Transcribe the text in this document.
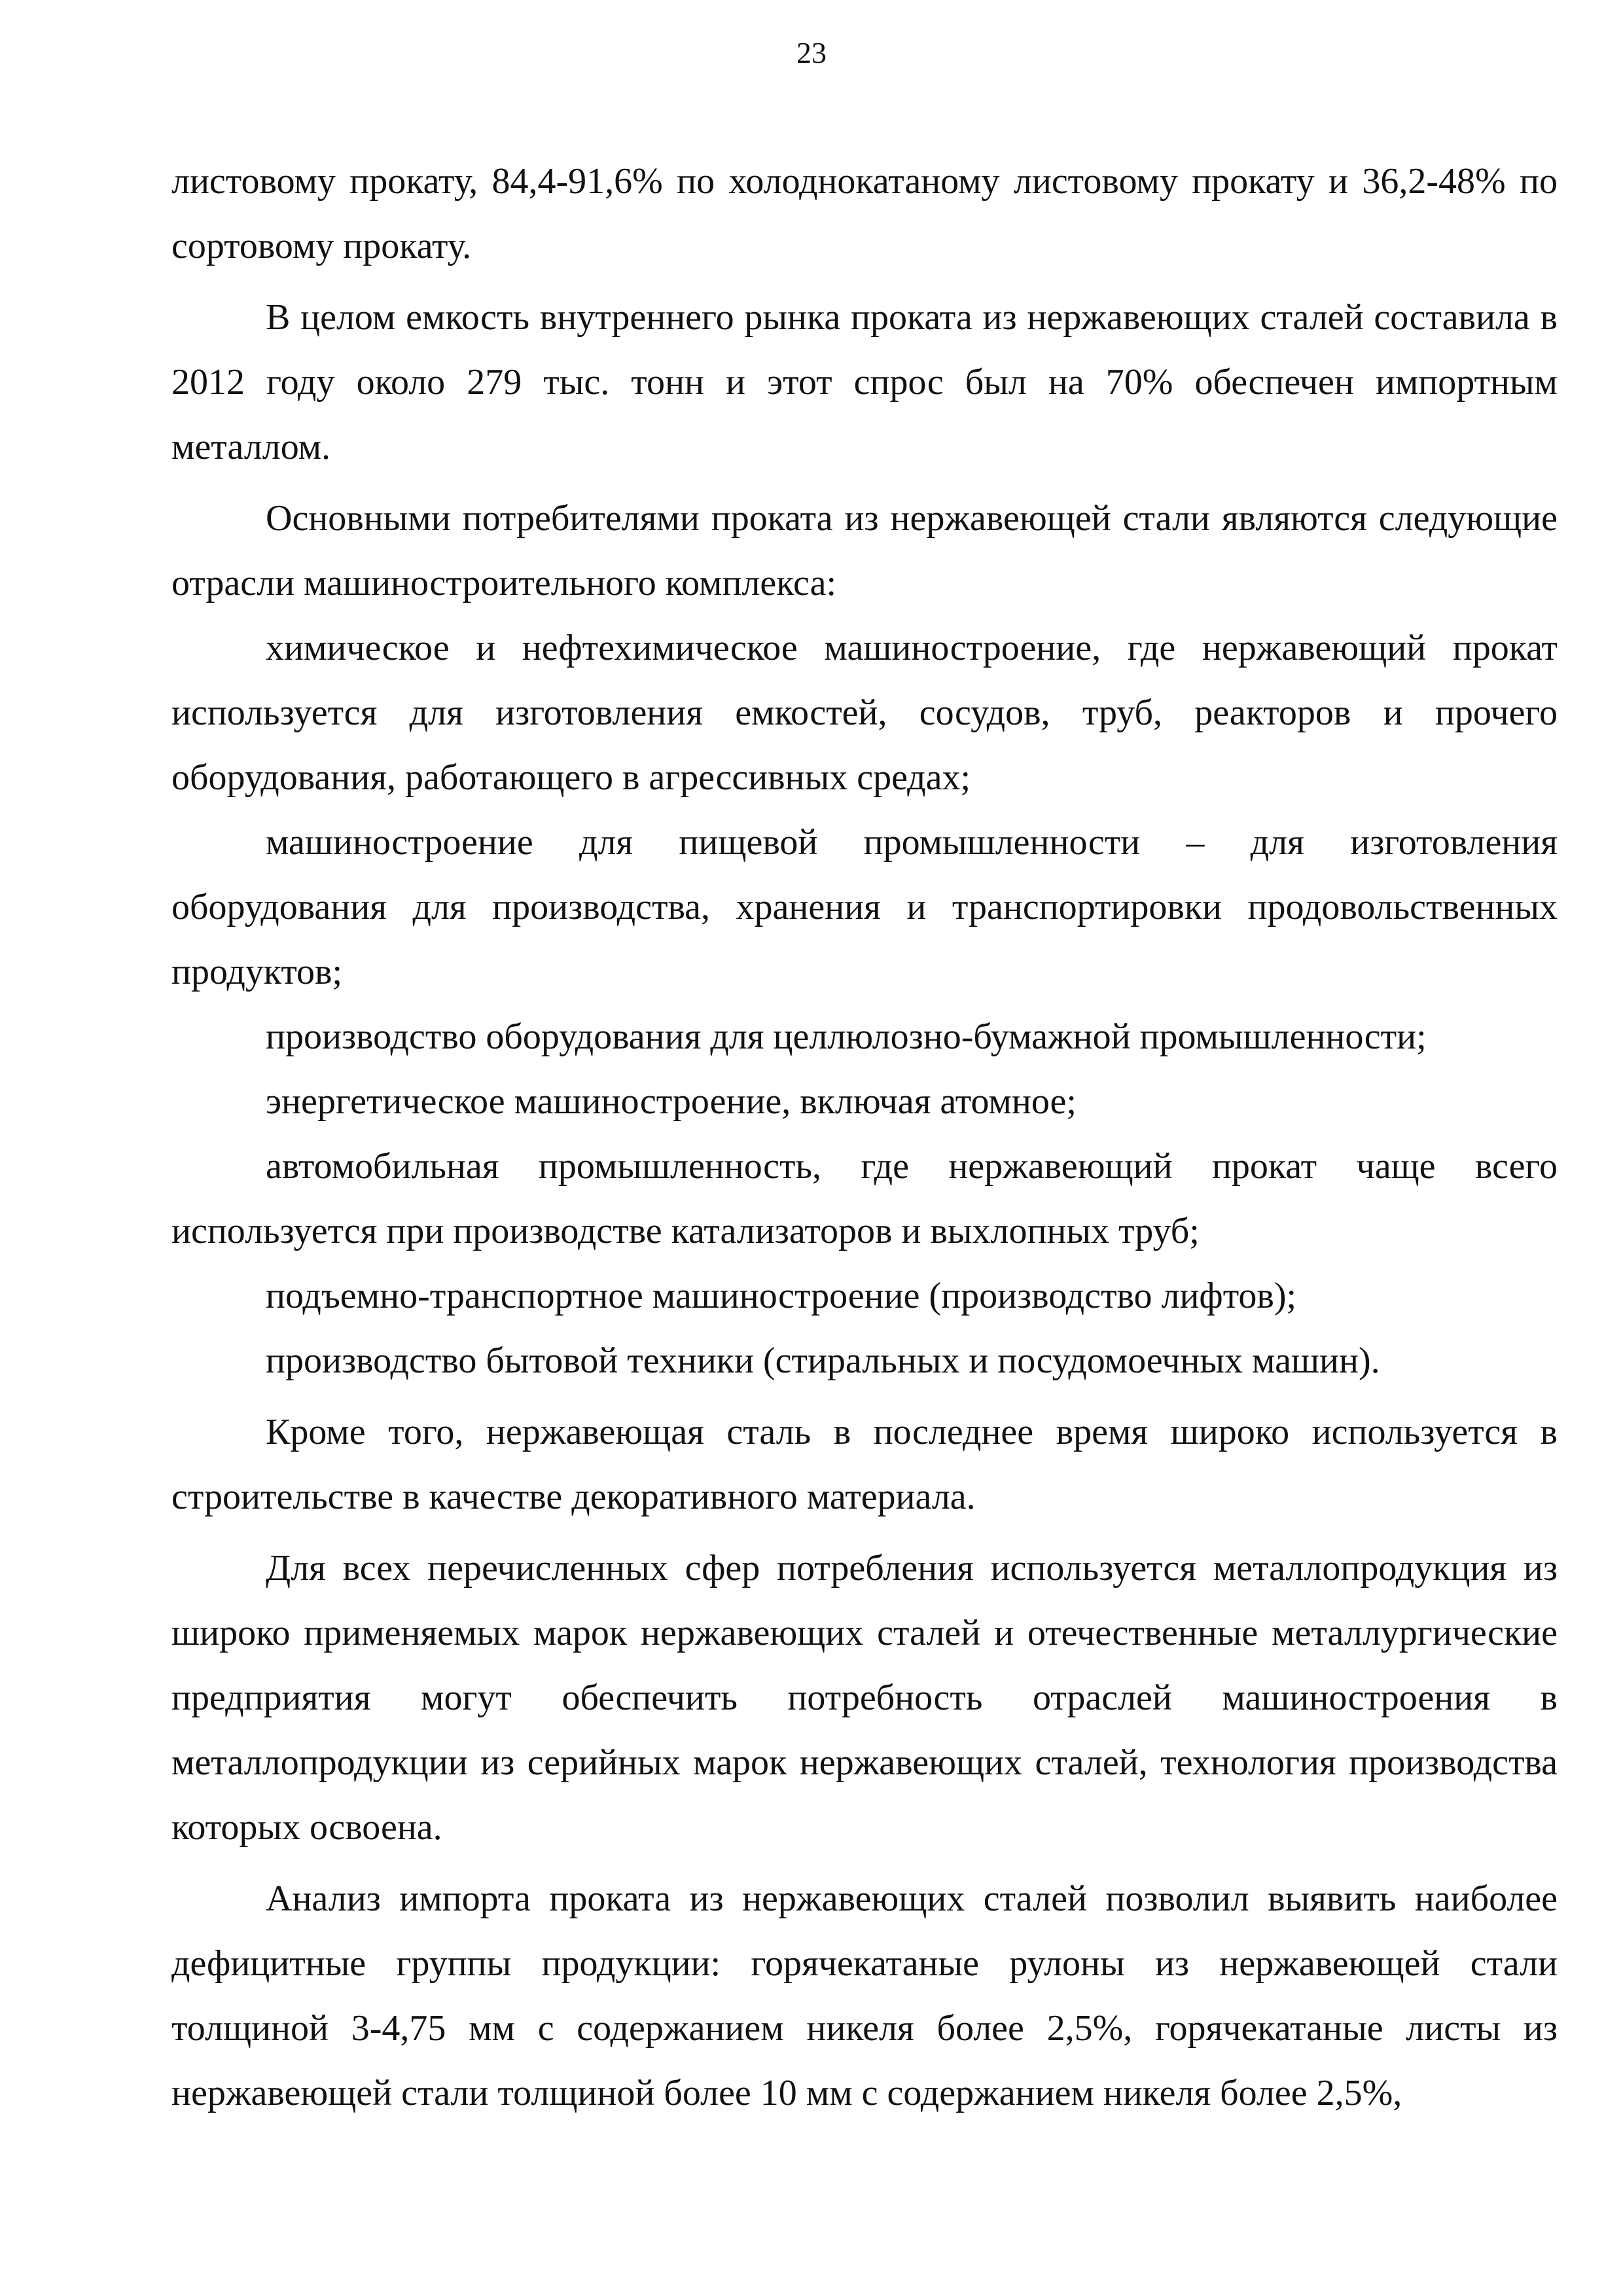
23

листовому прокату, 84,4-91,6% по холоднокатаному листовому прокату и 36,2-48% по сортовому прокату.

В целом емкость внутреннего рынка проката из нержавеющих сталей составила в 2012 году около 279 тыс. тонн и этот спрос был на 70% обеспечен импортным металлом.

Основными потребителями проката из нержавеющей стали являются следующие отрасли машиностроительного комплекса:

химическое и нефтехимическое машиностроение, где нержавеющий прокат используется для изготовления емкостей, сосудов, труб, реакторов и прочего оборудования, работающего в агрессивных средах;

машиностроение для пищевой промышленности – для изготовления оборудования для производства, хранения и транспортировки продовольственных продуктов;

производство оборудования для целлюлозно-бумажной промышленности;

энергетическое машиностроение, включая атомное;

автомобильная промышленность, где нержавеющий прокат чаще всего используется при производстве катализаторов и выхлопных труб;

подъемно-транспортное машиностроение (производство лифтов);

производство бытовой техники (стиральных и посудомоечных машин).

Кроме того, нержавеющая сталь в последнее время широко используется в строительстве в качестве декоративного материала.

Для всех перечисленных сфер потребления используется металлопродукция из широко применяемых марок нержавеющих сталей и отечественные металлургические предприятия могут обеспечить потребность отраслей машиностроения в металлопродукции из серийных марок нержавеющих сталей, технология производства которых освоена.

Анализ импорта проката из нержавеющих сталей позволил выявить наиболее дефицитные группы продукции: горячекатаные рулоны из нержавеющей стали толщиной 3-4,75 мм с содержанием никеля более 2,5%, горячекатаные листы из нержавеющей стали толщиной более 10 мм с содержанием никеля более 2,5%,
